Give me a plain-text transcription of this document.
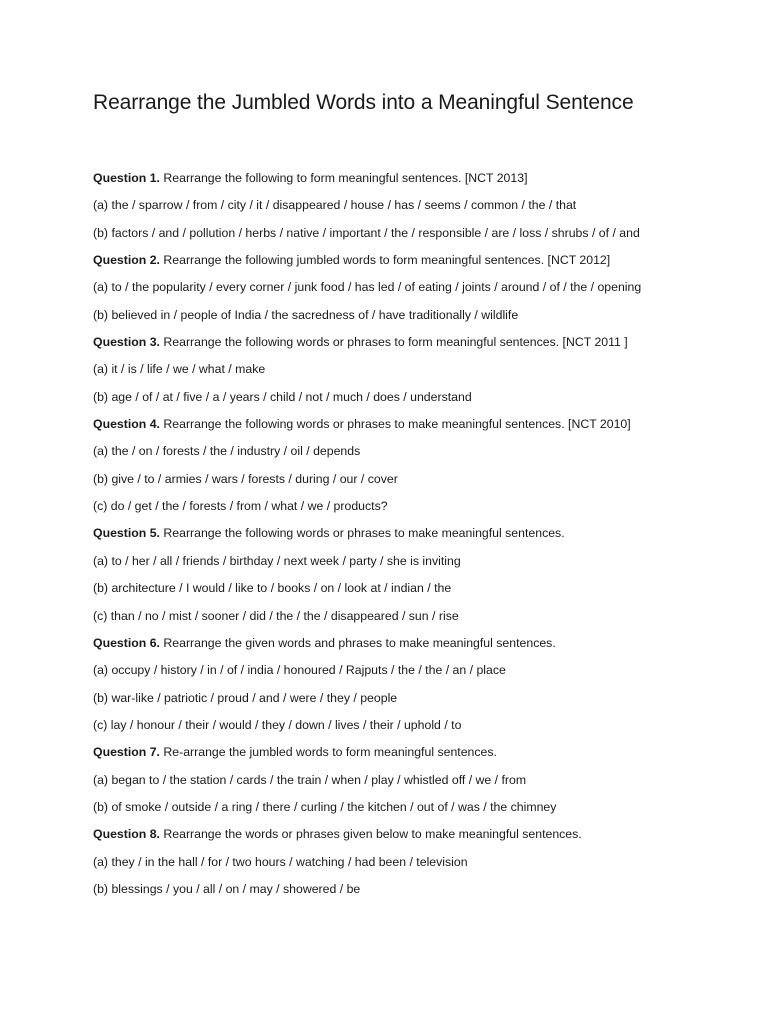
Rearrange the Jumbled Words into a Meaningful Sentence

Question 1. Rearrange the following to form meaningful sentences. [NCT 2013]

(a) the / sparrow / from / city / it / disappeared / house / has / seems / common / the / that

(b) factors / and / pollution / herbs / native / important / the / responsible / are / loss / shrubs / of / and

Question 2. Rearrange the following jumbled words to form meaningful sentences. [NCT 2012]

(a) to / the popularity / every corner / junk food / has led / of eating / joints / around / of / the / opening

(b) believed in / people of India / the sacredness of / have traditionally / wildlife

Question 3. Rearrange the following words or phrases to form meaningful sentences. [NCT 2011 ]

(a) it / is / life / we / what / make

(b) age / of / at / five / a / years / child / not / much / does / understand

Question 4. Rearrange the following words or phrases to make meaningful sentences. [NCT 2010]

(a) the / on / forests / the / industry / oil / depends

(b) give / to / armies / wars / forests / during / our / cover

(c) do / get / the / forests / from / what / we / products?

Question 5. Rearrange the following words or phrases to make meaningful sentences.

(a) to / her / all / friends / birthday / next week / party / she is inviting

(b) architecture / I would / like to / books / on / look at / indian / the

(c) than / no / mist / sooner / did / the / the / disappeared / sun / rise

Question 6. Rearrange the given words and phrases to make meaningful sentences.

(a) occupy / history / in / of / india / honoured / Rajputs / the / the / an / place

(b) war-like / patriotic / proud / and / were / they / people

(c) lay / honour / their / would / they / down / lives / their / uphold / to

Question 7. Re-arrange the jumbled words to form meaningful sentences.

(a) began to / the station / cards / the train / when / play / whistled off / we / from

(b) of smoke / outside / a ring / there / curling / the kitchen / out of / was / the chimney

Question 8. Rearrange the words or phrases given below to make meaningful sentences.

(a) they / in the hall / for / two hours / watching / had been / television

(b) blessings / you / all / on / may / showered / be
